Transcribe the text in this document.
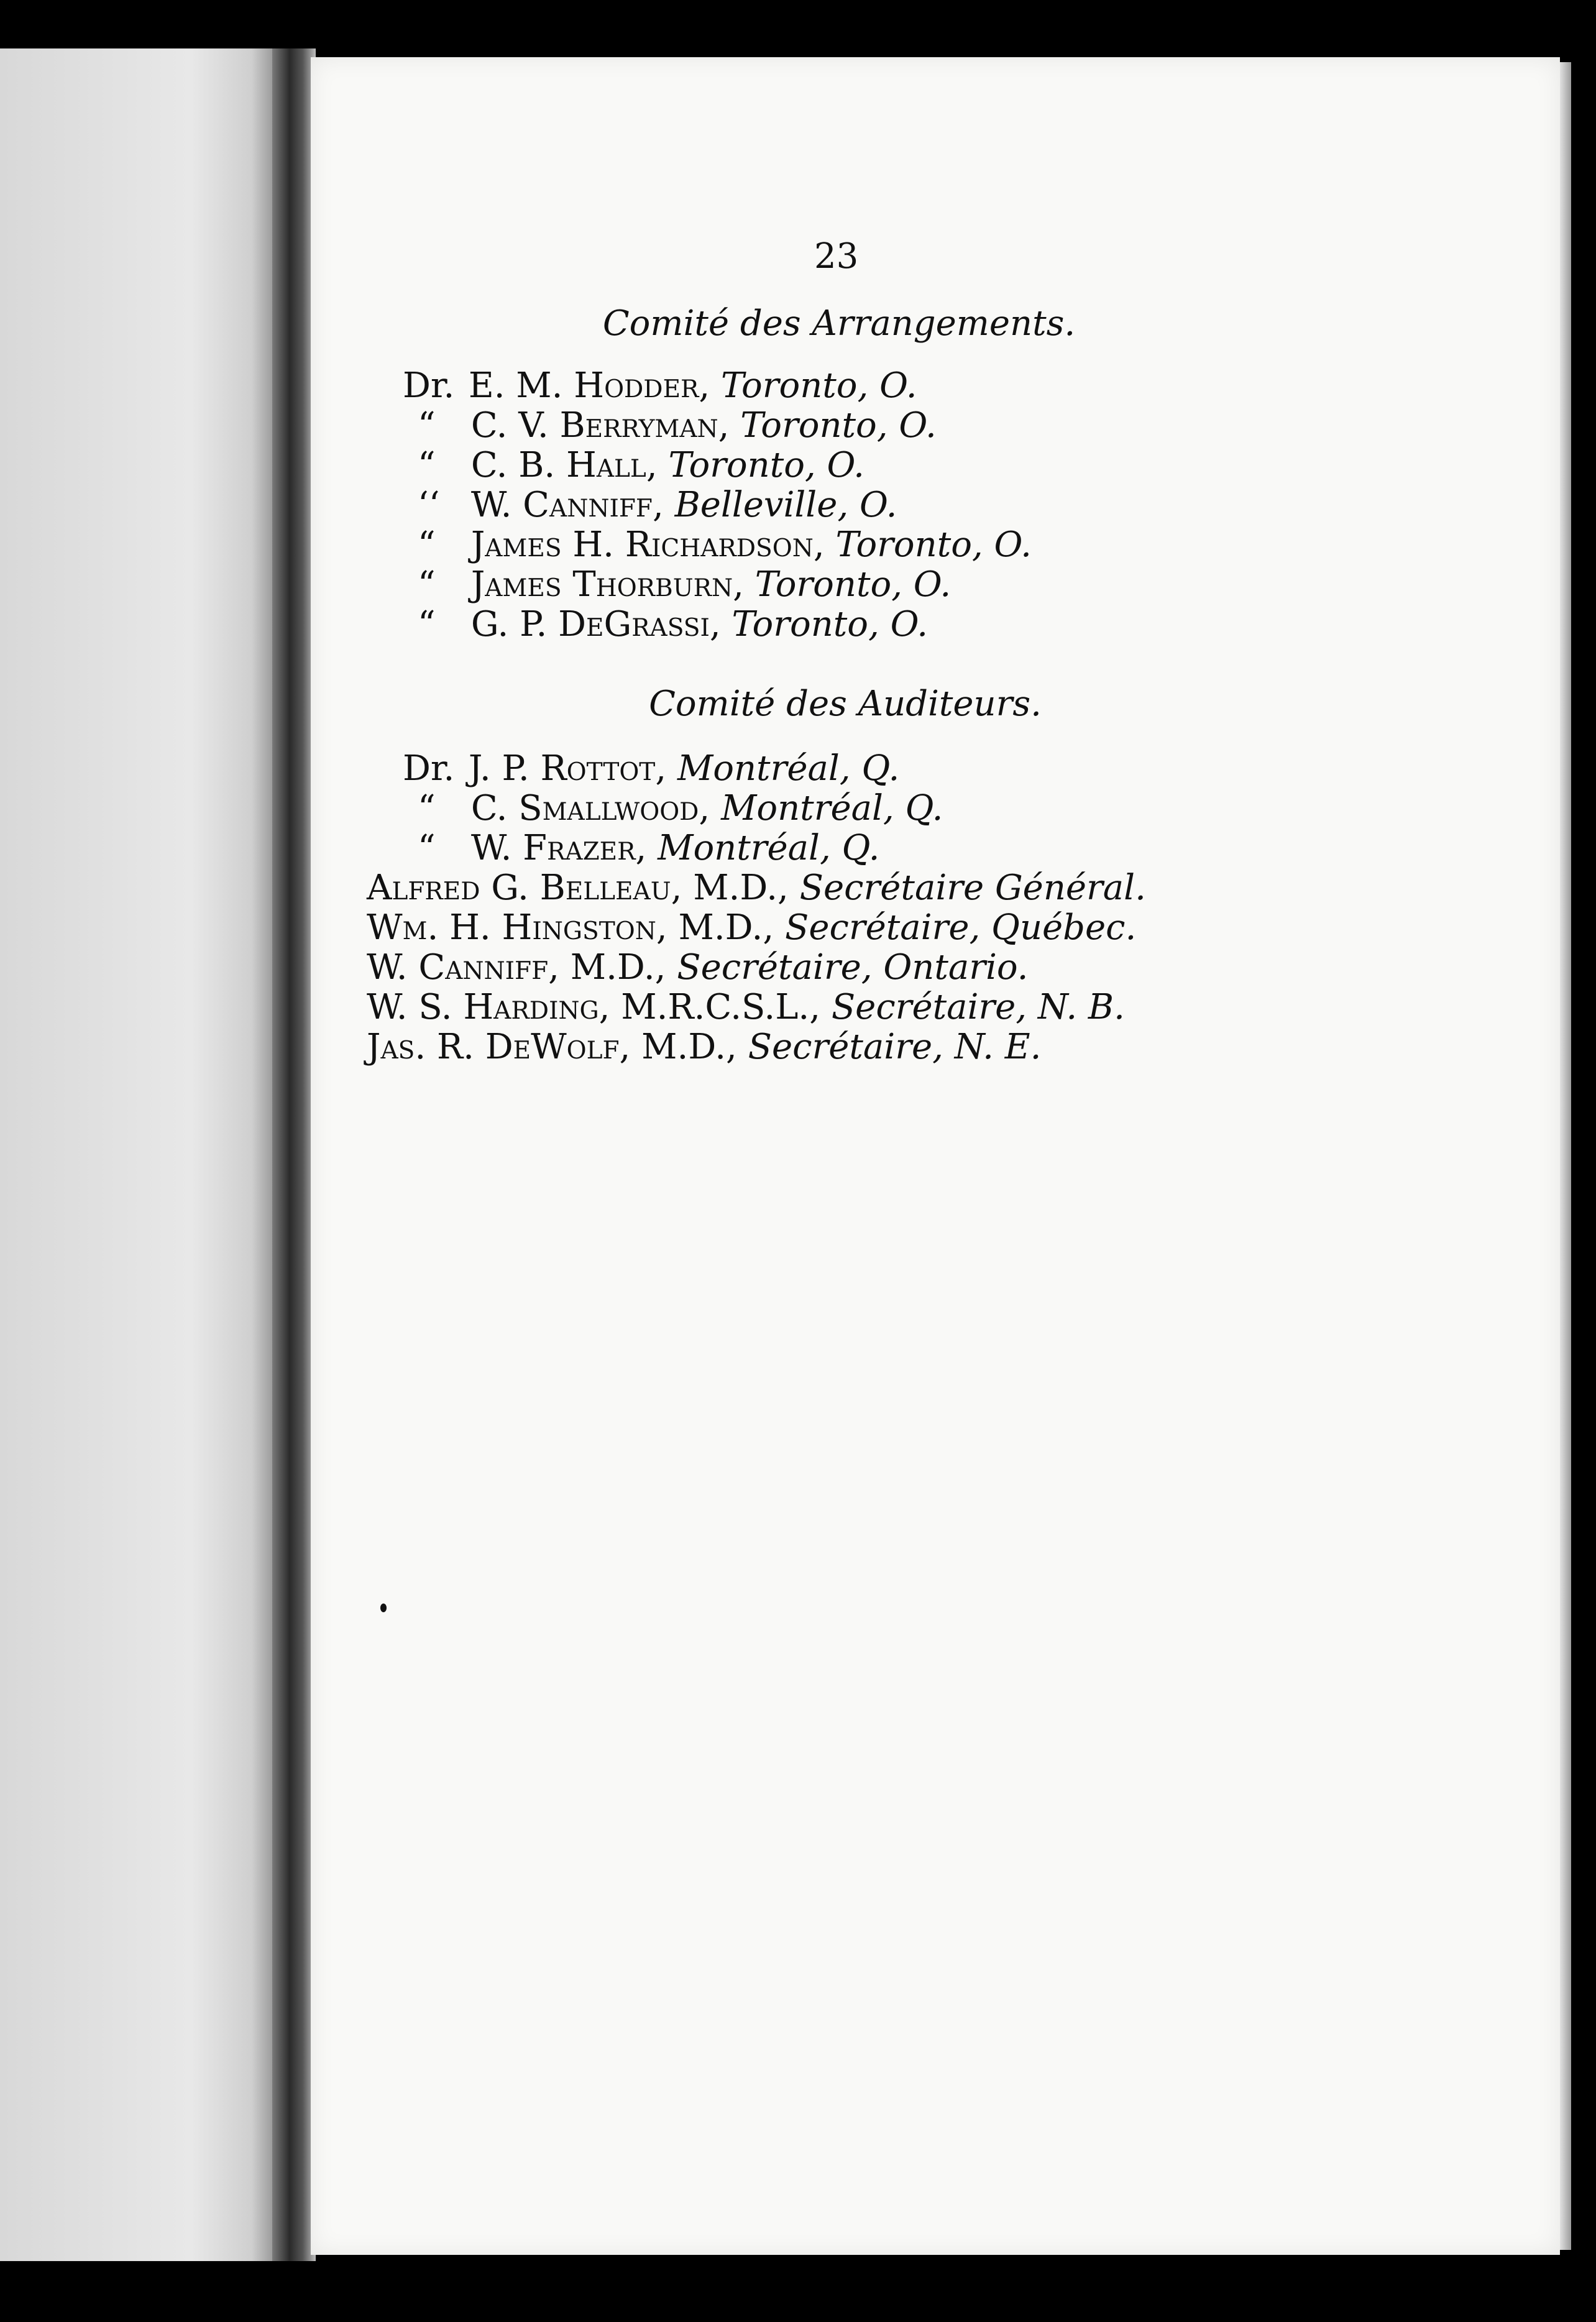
23
Comité des Arrangements.
Dr. E. M. Hodder, Toronto, O.
“ C. V. Berryman, Toronto, O.
“ C. B. Hall, Toronto, O.
‘‘ W. Canniff, Belleville, O.
“ James H. Richardson, Toronto, O.
“ James Thorburn, Toronto, O.
“ G. P. DeGrassi, Toronto, O.
Comité des Auditeurs.
Dr. J. P. Rottot, Montréal, Q.
“ C. Smallwood, Montréal, Q.
“ W. Frazer, Montréal, Q.
Alfred G. Belleau, M.D., Secrétaire Général.
Wm. H. Hingston, M.D., Secrétaire, Québec.
W. Canniff, M.D., Secrétaire, Ontario.
W. S. Harding, M.R.C.S.L., Secrétaire, N. B.
Jas. R. DeWolf, M.D., Secrétaire, N. E.
